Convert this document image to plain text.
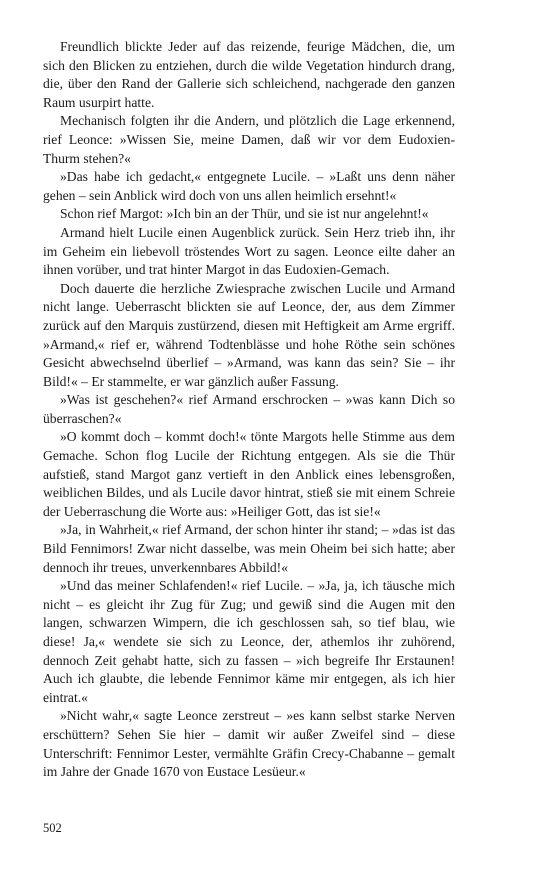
Freundlich blickte Jeder auf das reizende, feurige Mädchen, die, um sich den Blicken zu entziehen, durch die wilde Vegetation hindurch drang, die, über den Rand der Gallerie sich schleichend, nachgerade den ganzen Raum usurpirt hatte.

Mechanisch folgten ihr die Andern, und plötzlich die Lage erkennend, rief Leonce: »Wissen Sie, meine Damen, daß wir vor dem Eudoxien-Thurm stehen?«

»Das habe ich gedacht,« entgegnete Lucile. – »Laßt uns denn näher gehen – sein Anblick wird doch von uns allen heimlich ersehnt!«

Schon rief Margot: »Ich bin an der Thür, und sie ist nur angelehnt!«

Armand hielt Lucile einen Augenblick zurück. Sein Herz trieb ihn, ihr im Geheim ein liebevoll tröstendes Wort zu sagen. Leonce eilte daher an ihnen vorüber, und trat hinter Margot in das Eudoxien-Gemach.

Doch dauerte die herzliche Zwiesprache zwischen Lucile und Armand nicht lange. Ueberrascht blickten sie auf Leonce, der, aus dem Zimmer zurück auf den Marquis zustürzend, diesen mit Heftigkeit am Arme ergriff. »Armand,« rief er, während Todtenblässe und hohe Röthe sein schönes Gesicht abwechselnd überlief – »Armand, was kann das sein? Sie – ihr Bild!« – Er stammelte, er war gänzlich außer Fassung.

»Was ist geschehen?« rief Armand erschrocken – »was kann Dich so überraschen?«

»O kommt doch – kommt doch!« tönte Margots helle Stimme aus dem Gemache. Schon flog Lucile der Richtung entgegen. Als sie die Thür aufstieß, stand Margot ganz vertieft in den Anblick eines lebensgroßen, weiblichen Bildes, und als Lucile davor hintrat, stieß sie mit einem Schreie der Ueberraschung die Worte aus: »Heiliger Gott, das ist sie!«

»Ja, in Wahrheit,« rief Armand, der schon hinter ihr stand; – »das ist das Bild Fennimors! Zwar nicht dasselbe, was mein Oheim bei sich hatte; aber dennoch ihr treues, unverkennbares Abbild!«

»Und das meiner Schlafenden!« rief Lucile. – »Ja, ja, ich täusche mich nicht – es gleicht ihr Zug für Zug; und gewiß sind die Augen mit den langen, schwarzen Wimpern, die ich geschlossen sah, so tief blau, wie diese! Ja,« wendete sie sich zu Leonce, der, athemlos ihr zuhörend, dennoch Zeit gehabt hatte, sich zu fassen – »ich begreife Ihr Erstaunen! Auch ich glaubte, die lebende Fennimor käme mir entgegen, als ich hier eintrat.«

»Nicht wahr,« sagte Leonce zerstreut – »es kann selbst starke Nerven erschüttern? Sehen Sie hier – damit wir außer Zweifel sind – diese Unterschrift: Fennimor Lester, vermählte Gräfin Crecy-Chabanne – gemalt im Jahre der Gnade 1670 von Eustace Lesüeur.«

502
